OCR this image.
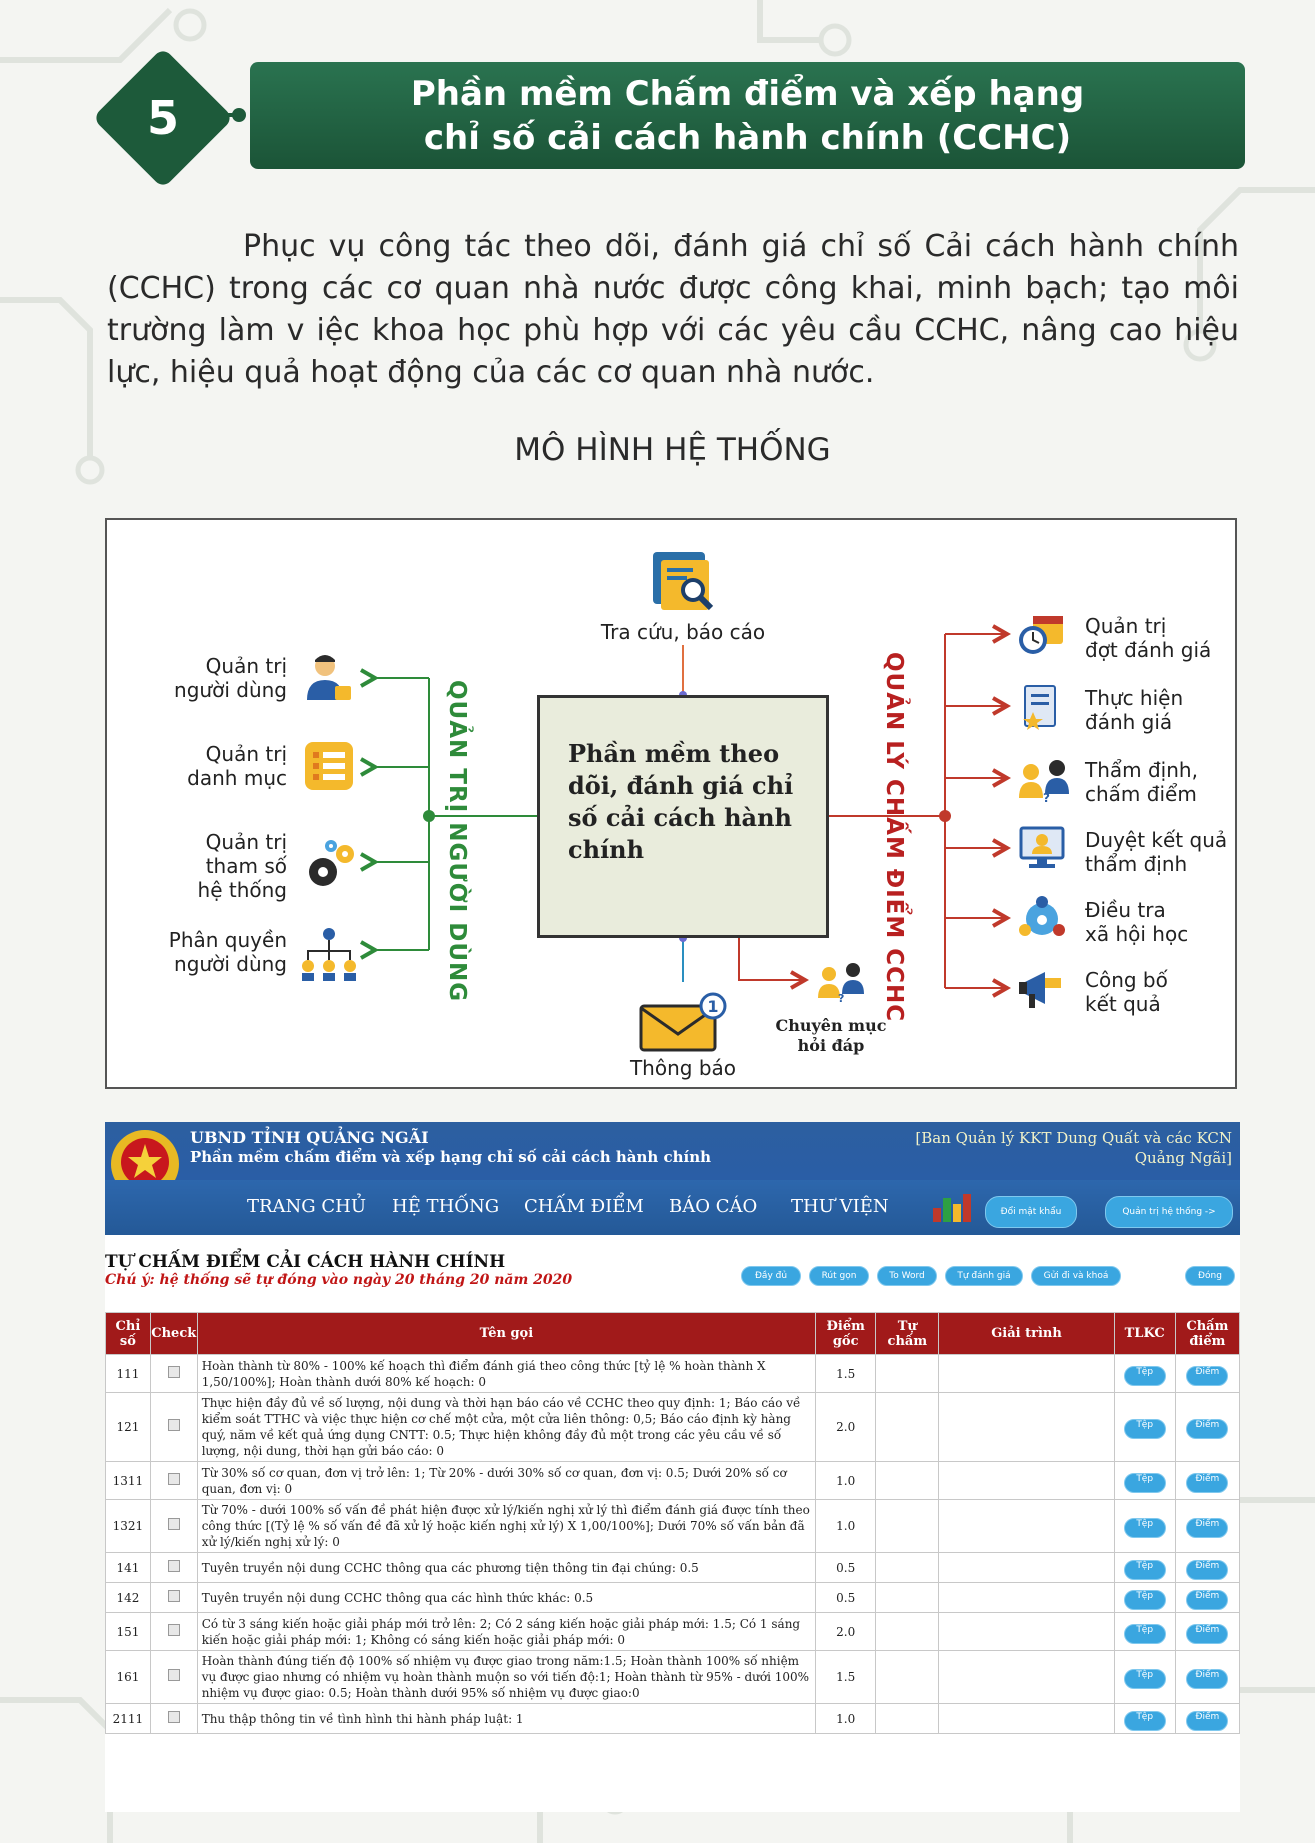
5	Phần mềm Chấm điểm và xếp hạng
chỉ số cải cách hành chính (CCHC)

Phục vụ công tác theo dõi, đánh giá chỉ số Cải cách hành chính (CCHC) trong các cơ quan nhà nước được công khai, minh bạch; tạo môi trường làm v iệc khoa học phù hợp với các yêu cầu CCHC, nâng cao hiệu lực, hiệu quả hoạt động của các cơ quan nhà nước.

MÔ HÌNH HỆ THỐNG
Tra cứu, báo cáo
Phần mềm theo dõi, đánh giá chỉ số cải cách hành chính
QUẢN TRỊ NGƯỜI DÙNG	QUẢN LÝ CHẤM ĐIỂM CCHC
Quản trị
người dùng
Quản trị
danh mục
Quản trị
tham số
hệ thống
Phân quyền
người dùng
Quản trị
đợt đánh giá
Thực hiện
đánh giá
?
Thẩm định,
chấm điểm
Duyệt kết quả
thẩm định
Điều tra
xã hội học
Công bố
kết quả
1
Thông báo
?
Chuyên mục
hỏi đáp
UBND TỈNH QUẢNG NGÃI
Phần mềm chấm điểm và xếp hạng chỉ số cải cách hành chính
[Ban Quản lý KKT Dung Quất và các KCN
Quảng Ngãi]
TRANG CHỦ HỆ THỐNG CHẤM ĐIỂM BÁO CÁO THƯ VIỆN	Đổi mật khẩu	Quản trị hệ thống ->
TỰ CHẤM ĐIỂM CẢI CÁCH HÀNH CHÍNH
Chú ý: hệ thống sẽ tự đóng vào ngày 20 tháng 20 năm 2020	Đầy đủ	Rút gọn	To Word	Tự đánh giá	Gửi đi và khoá	Đóng
Chỉ số	Check	Tên gọi	Điểm gốc	Tự chấm	Giải trình	TLKC	Chấm điểm
111		Hoàn thành từ 80% - 100% kế hoạch thì điểm đánh giá theo công thức [tỷ lệ % hoàn thành X 1,50/100%]; Hoàn thành dưới 80% kế hoạch: 0	1.5			Tệp	Điểm
121		Thực hiện đầy đủ về số lượng, nội dung và thời hạn báo cáo về CCHC theo quy định: 1; Báo cáo về kiểm soát TTHC và việc thực hiện cơ chế một cửa, một cửa liên thông: 0,5; Báo cáo định kỳ hàng quý, năm về kết quả ứng dụng CNTT: 0.5; Thực hiện không đầy đủ một trong các yêu cầu về số lượng, nội dung, thời hạn gửi báo cáo: 0	2.0			Tệp	Điểm
1311		Từ 30% số cơ quan, đơn vị trở lên: 1; Từ 20% - dưới 30% số cơ quan, đơn vị: 0.5; Dưới 20% số cơ quan, đơn vị: 0	1.0			Tệp	Điểm
1321		Từ 70% - dưới 100% số vấn đề phát hiện được xử lý/kiến nghị xử lý thì điểm đánh giá được tính theo công thức [(Tỷ lệ % số vấn đề đã xử lý hoặc kiến nghị xử lý) X 1,00/100%]; Dưới 70% số vấn bản đã xử lý/kiến nghị xử lý: 0	1.0			Tệp	Điểm
141		Tuyên truyền nội dung CCHC thông qua các phương tiện thông tin đại chúng: 0.5	0.5			Tệp	Điểm
142		Tuyên truyền nội dung CCHC thông qua các hình thức khác: 0.5	0.5			Tệp	Điểm
151		Có từ 3 sáng kiến hoặc giải pháp mới trở lên: 2; Có 2 sáng kiến hoặc giải pháp mới: 1.5; Có 1 sáng kiến hoặc giải pháp mới: 1; Không có sáng kiến hoặc giải pháp mới: 0	2.0			Tệp	Điểm
161		Hoàn thành đúng tiến độ 100% số nhiệm vụ được giao trong năm:1.5; Hoàn thành 100% số nhiệm vụ được giao nhưng có nhiệm vụ hoàn thành muộn so với tiến độ:1; Hoàn thành từ 95% - dưới 100% nhiệm vụ được giao: 0.5; Hoàn thành dưới 95% số nhiệm vụ được giao:0	1.5			Tệp	Điểm
2111		Thu thập thông tin về tình hình thi hành pháp luật: 1	1.0			Tệp	Điểm
